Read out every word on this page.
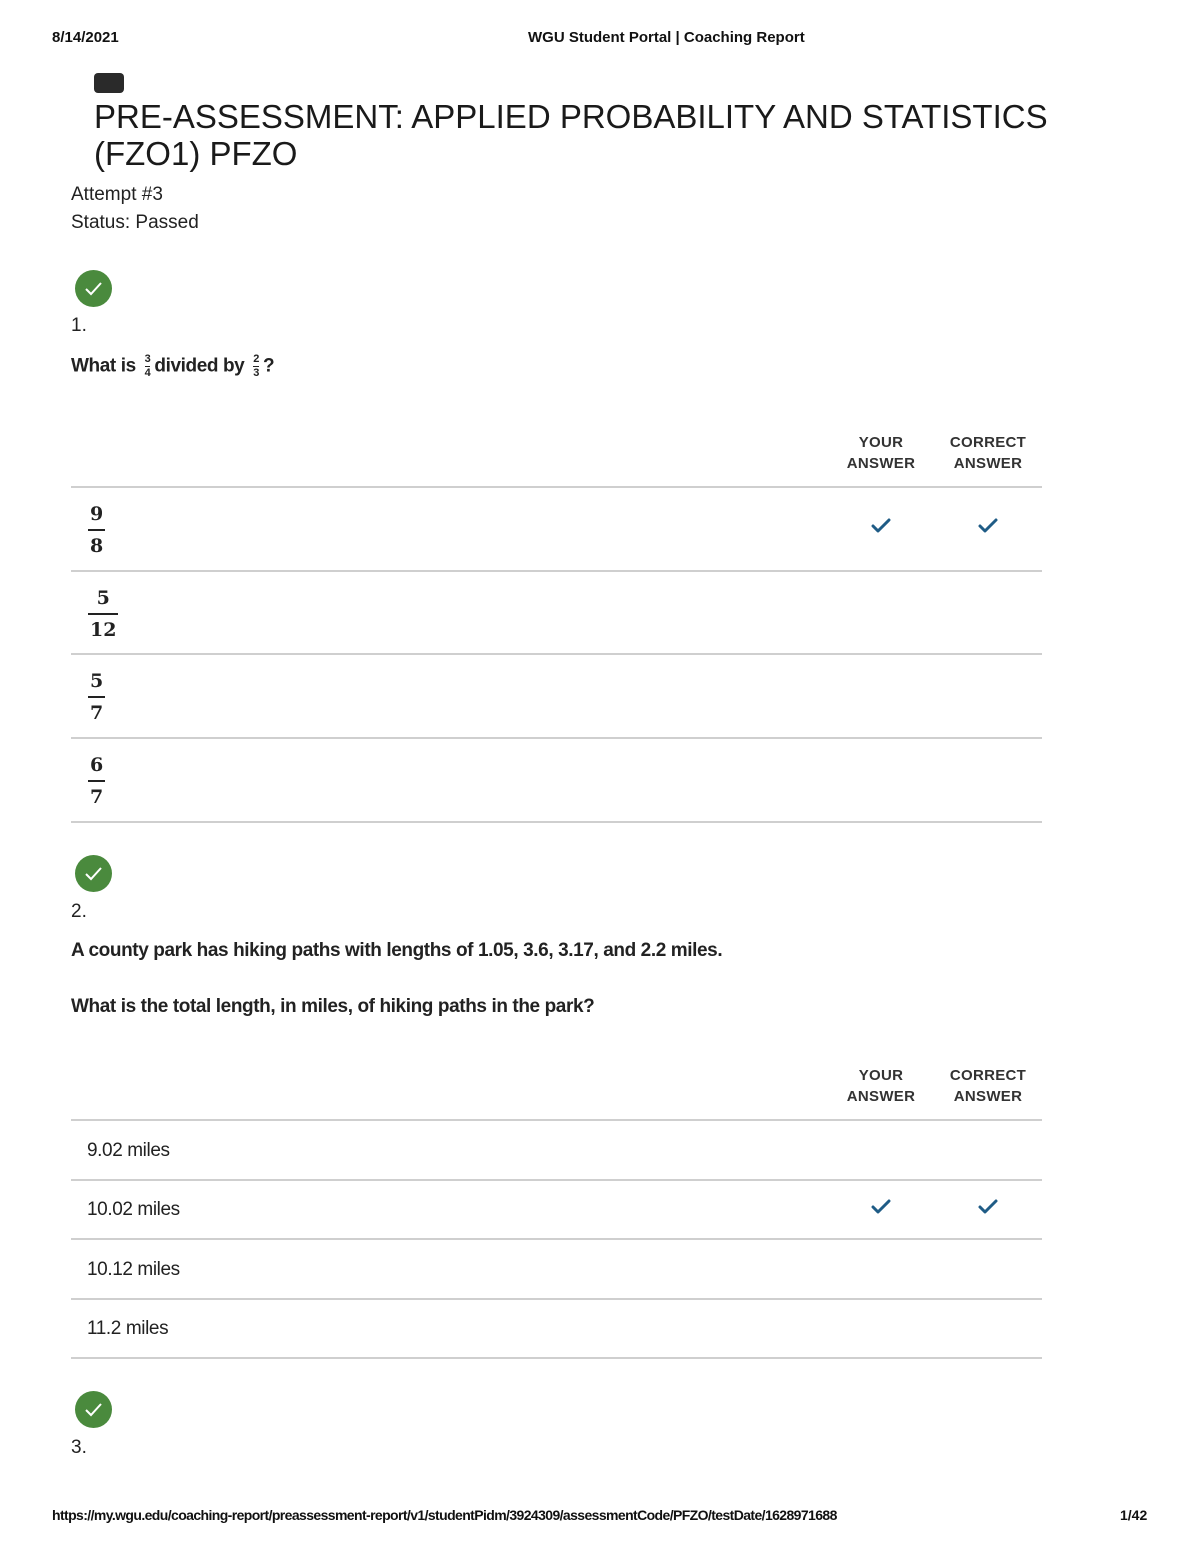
8/14/2021	WGU Student Portal | Coaching Report
PRE-ASSESSMENT: APPLIED PROBABILITY AND STATISTICS (FZO1) PFZO
Attempt #3
Status: Passed
1.
What is $\frac{3}{4}$ divided by $\frac{2}{3}$ ?
YOUR
ANSWER
CORRECT
ANSWER
9
8
5
12
5
7
6
7
2.
A county park has hiking paths with lengths of 1.05, 3.6, 3.17, and 2.2 miles.
What is the total length, in miles, of hiking paths in the park?
YOUR
ANSWER
CORRECT
ANSWER
9.02 miles
10.02 miles
10.12 miles
11.2 miles
3.
https://my.wgu.edu/coaching-report/preassessment-report/v1/studentPidm/3924309/assessmentCode/PFZO/testDate/1628971688	1/42
